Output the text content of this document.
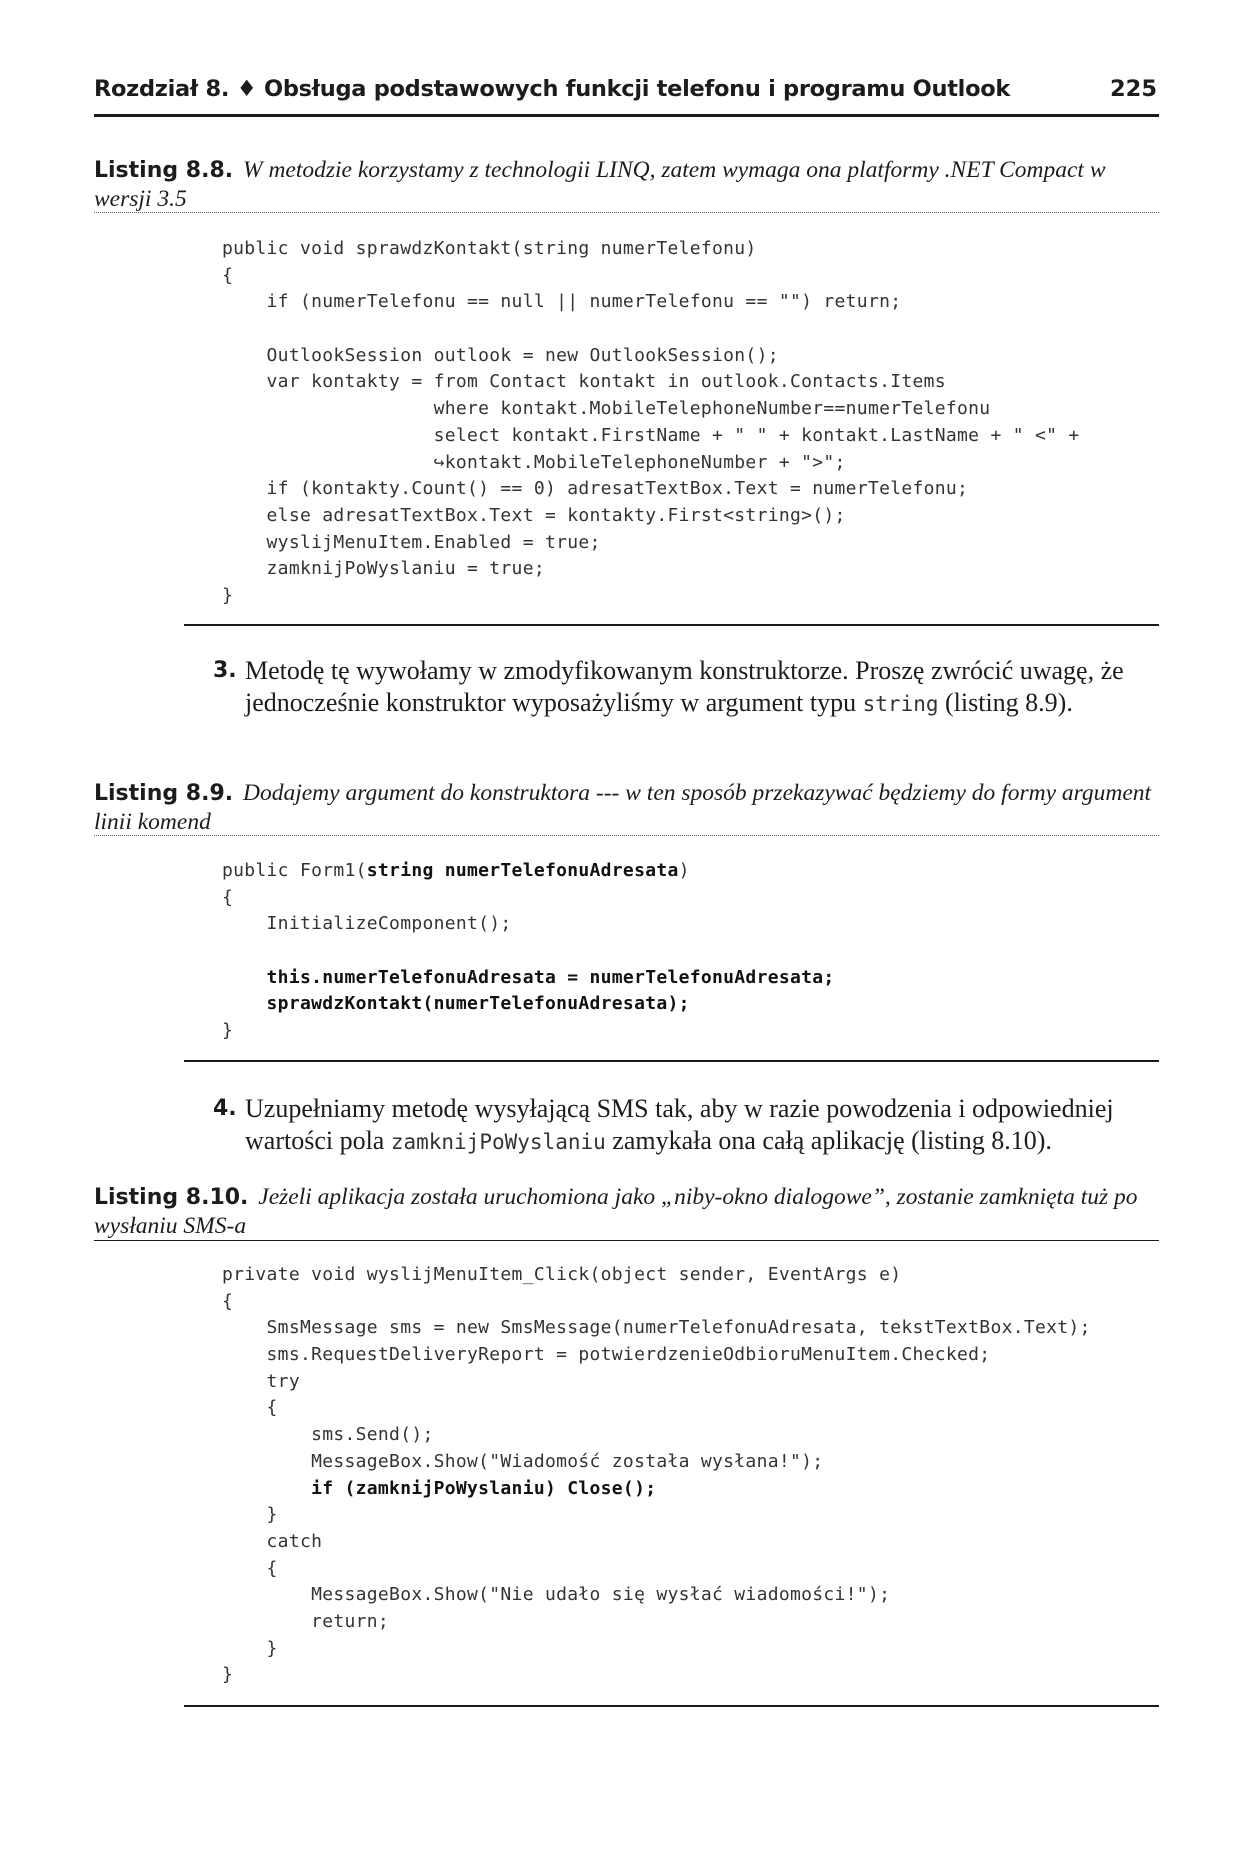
Rozdział 8. ♦ Obsługa podstawowych funkcji telefonu i programu Outlook	225
Listing 8.8. W metodzie korzystamy z technologii LINQ, zatem wymaga ona platformy .NET Compact w wersji 3.5
public void sprawdzKontakt(string numerTelefonu)
{
if (numerTelefonu == null || numerTelefonu == "") return;
OutlookSession outlook = new OutlookSession();
var kontakty = from Contact kontakt in outlook.Contacts.Items
where kontakt.MobileTelephoneNumber==numerTelefonu
select kontakt.FirstName + " " + kontakt.LastName + " <" +
↪kontakt.MobileTelephoneNumber + ">";
if (kontakty.Count() == 0) adresatTextBox.Text = numerTelefonu;
else adresatTextBox.Text = kontakty.First<string>();
wyslijMenuItem.Enabled = true;
zamknijPoWyslaniu = true;
}
3. Metodę tę wywołamy w zmodyfikowanym konstruktorze. Proszę zwrócić uwagę, że jednocześnie konstruktor wyposażyliśmy w argument typu string (listing 8.9).
Listing 8.9. Dodajemy argument do konstruktora --- w ten sposób przekazywać będziemy do formy argument linii komend
public Form1(string numerTelefonuAdresata)
{
InitializeComponent();
this.numerTelefonuAdresata = numerTelefonuAdresata;
sprawdzKontakt(numerTelefonuAdresata);
}
4. Uzupełniamy metodę wysyłającą SMS tak, aby w razie powodzenia i odpowiedniej wartości pola zamknijPoWyslaniu zamykała ona całą aplikację (listing 8.10).
Listing 8.10. Jeżeli aplikacja została uruchomiona jako „niby-okno dialogowe”, zostanie zamknięta tuż po wysłaniu SMS-a
private void wyslijMenuItem_Click(object sender, EventArgs e)
{
SmsMessage sms = new SmsMessage(numerTelefonuAdresata, tekstTextBox.Text);
sms.RequestDeliveryReport = potwierdzenieOdbioruMenuItem.Checked;
try
{
sms.Send();
MessageBox.Show("Wiadomość została wysłana!");
if (zamknijPoWyslaniu) Close();
}
catch
{
MessageBox.Show("Nie udało się wysłać wiadomości!");
return;
}
}
